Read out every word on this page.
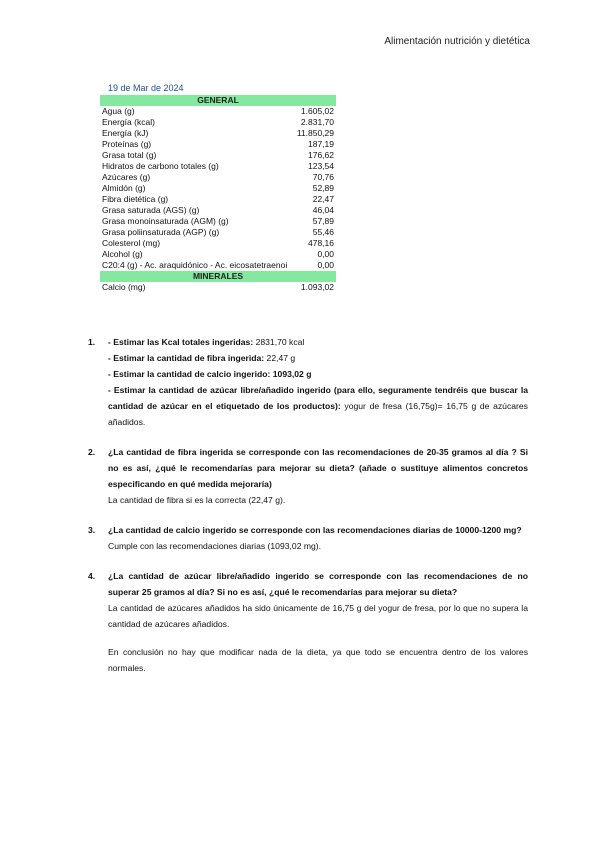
Alimentación nutrición y dietética
19 de Mar de 2024
GENERAL
Agua (g)	1.605,02
Energía (kcal)	2.831,70
Energía (kJ)	11.850,29
Proteínas (g)	187,19
Grasa total (g)	176,62
Hidratos de carbono totales (g)	123,54
Azúcares (g)	70,76
Almidón (g)	52,89
Fibra dietética (g)	22,47
Grasa saturada (AGS) (g)	46,04
Grasa monoinsaturada (AGM) (g)	57,89
Grasa poliinsaturada (AGP) (g)	55,46
Colesterol (mg)	478,16
Alcohol (g)	0,00
C20:4 (g) - Ac. araquidónico - Ac. eicosatetraenoi	0,00
MINERALES
Calcio (mg)	1.093,02
1.	- Estimar las Kcal totales ingeridas: 2831,70 kcal

- Estimar la cantidad de fibra ingerida: 22,47 g

- Estimar la cantidad de calcio ingerido: 1093,02 g

- Estimar la cantidad de azúcar libre/añadido ingerido (para ello, seguramente tendréis que buscar la cantidad de azúcar en el etiquetado de los productos): yogur de fresa (16,75g)= 16,75 g de azúcares añadidos.

2.	¿La cantidad de fibra ingerida se corresponde con las recomendaciones de 20-35 gramos al día ? Si no es así, ¿qué le recomendarías para mejorar su dieta? (añade o sustituye alimentos concretos especificando en qué medida mejoraría)

La cantidad de fibra si es la correcta (22,47 g).

3.	¿La cantidad de calcio ingerido se corresponde con las recomendaciones diarias de 10000-1200 mg?

Cumple con las recomendaciones diarias (1093,02 mg).

4.	¿La cantidad de azúcar libre/añadido ingerido se corresponde con las recomendaciones de no superar 25 gramos al día? Si no es así, ¿qué le recomendarías para mejorar su dieta?

La cantidad de azúcares añadidos ha sido únicamente de 16,75 g del yogur de fresa, por lo que no supera la cantidad de azúcares añadidos.

En conclusión no hay que modificar nada de la dieta, ya que todo se encuentra dentro de los valores normales.
